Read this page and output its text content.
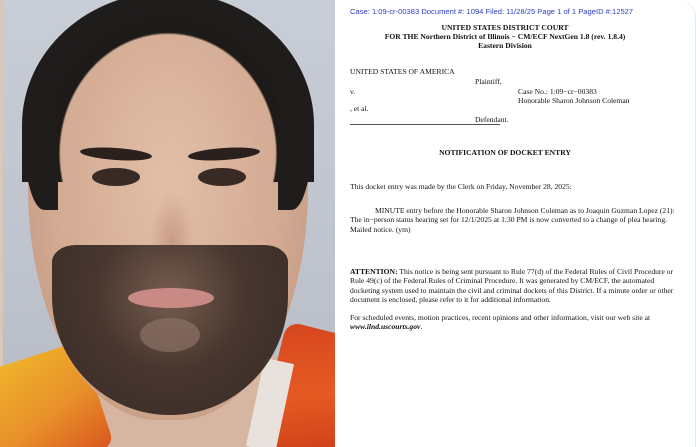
Case: 1:09-cr-00383 Document #: 1094 Filed: 11/28/25 Page 1 of 1 PageID #:12527
UNITED STATES DISTRICT COURT
FOR THE Northern District of Illinois − CM/ECF NextGen 1.8 (rev. 1.8.4)
Eastern Division
UNITED STATES OF AMERICA
Plaintiff,
v.	Case No.: 1:09−cr−00383
Honorable Sharon Johnson Coleman
, et al.
Defendant.
NOTIFICATION OF DOCKET ENTRY
This docket entry was made by the Clerk on Friday, November 28, 2025:
MINUTE entry before the Honorable Sharon Johnson Coleman as to Joaquin Guzman Lopez (21): The in−person status hearing set for 12/1/2025 at 1:30 PM is now converted to a change of plea hearing. Mailed notice. (ym)
ATTENTION: This notice is being sent pursuant to Rule 77(d) of the Federal Rules of Civil Procedure or Rule 49(c) of the Federal Rules of Criminal Procedure. It was generated by CM/ECF, the automated docketing system used to maintain the civil and criminal dockets of this District. If a minute order or other document is enclosed, please refer to it for additional information.
For scheduled events, motion practices, recent opinions and other information, visit our web site at www.ilnd.uscourts.gov.
